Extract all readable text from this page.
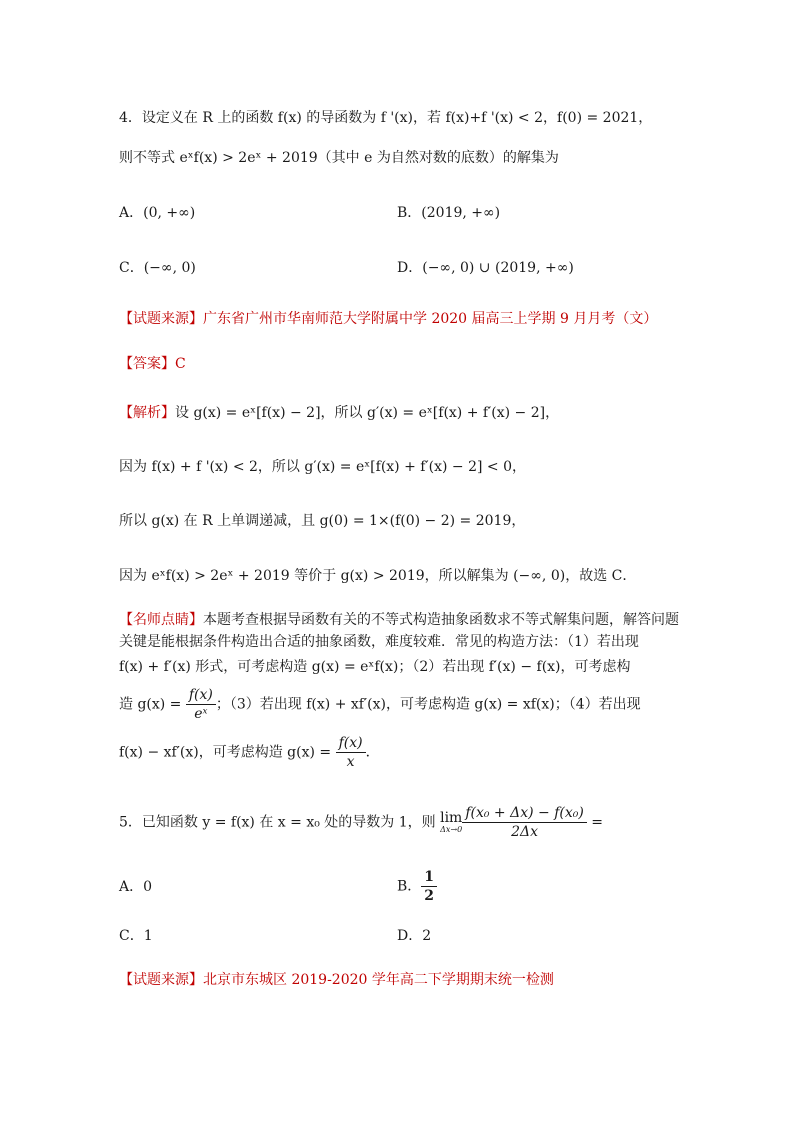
4．设定义在 R 上的函数 f(x) 的导函数为 f '(x)，若 f(x)+f '(x) < 2，f(0) = 2021，
则不等式 eˣf(x) > 2eˣ + 2019（其中 e 为自然对数的底数）的解集为
A．(0, +∞)	B．(2019, +∞)
C．(−∞, 0)	D．(−∞, 0) ∪ (2019, +∞)
【试题来源】广东省广州市华南师范大学附属中学 2020 届高三上学期 9 月月考（文）
【答案】C
【解析】设 g(x) = eˣ[f(x) − 2]，所以 g′(x) = eˣ[f(x) + f′(x) − 2]，
因为 f(x) + f '(x) < 2，所以 g′(x) = eˣ[f(x) + f′(x) − 2] < 0，
所以 g(x) 在 R 上单调递减，且 g(0) = 1×(f(0) − 2) = 2019，
因为 eˣf(x) > 2eˣ + 2019 等价于 g(x) > 2019，所以解集为 (−∞, 0)，故选 C．
【名师点睛】本题考查根据导函数有关的不等式构造抽象函数求不等式解集问题，解答问题
关键是能根据条件构造出合适的抽象函数，难度较难．常见的构造方法：（1）若出现
f(x) + f′(x) 形式，可考虑构造 g(x) = eˣf(x)；（2）若出现 f′(x) − f(x)，可考虑构
造 $g(x) = \frac{f(x)}{\text{eˣ}}$ ；（3）若出现 f(x) + xf′(x)，可考虑构造 g(x) = xf(x)；（4）若出现
f(x) − xf′(x)，可考虑构造 $g(x) = \frac{f(x)}{x}$ ．
5．已知函数 y = f(x) 在 x = x₀ 处的导数为 1，则 lim
$\Delta x\to 0 \frac{\text{f(x₀ + Δx) − f(x₀)}}{2\Delta x}$ =
A．0	B． $\frac{1}{2}$
C．1	D．2
【试题来源】北京市东城区 2019-2020 学年高二下学期期末统一检测
